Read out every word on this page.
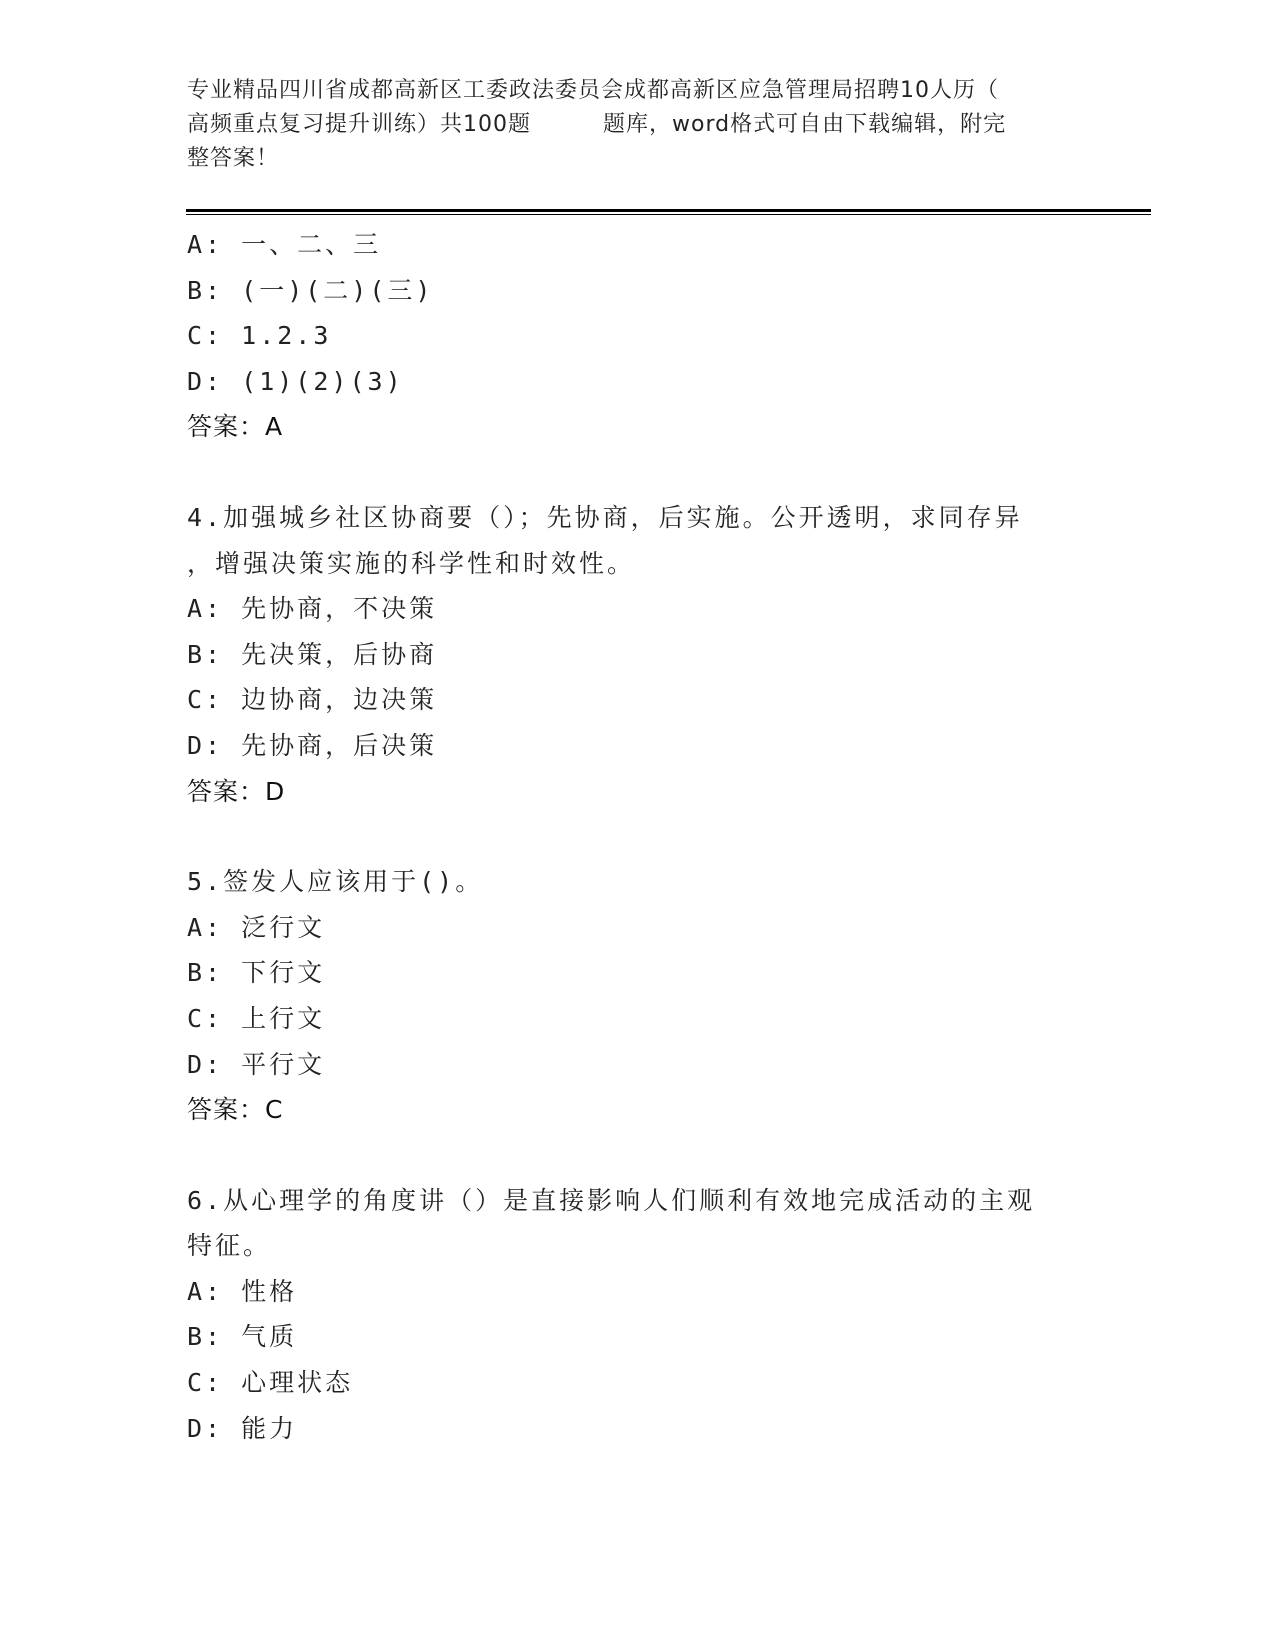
专业精品四川省成都高新区工委政法委员会成都高新区应急管理局招聘10人历（
高频重点复习提升训练）共100题	题库，word格式可自由下载编辑，附完
整答案！
A: 一、二、三
B: (一)(二)(三)
C: 1.2.3
D: (1)(2)(3)
答案：A
4.加强城乡社区协商要（）；先协商，后实施。公开透明，求同存异
，增强决策实施的科学性和时效性。
A: 先协商，不决策
B: 先决策，后协商
C: 边协商，边决策
D: 先协商，后决策
答案：D
5.签发人应该用于()。
A: 泛行文
B: 下行文
C: 上行文
D: 平行文
答案：C
6.从心理学的角度讲（）是直接影响人们顺利有效地完成活动的主观
特征。
A: 性格
B: 气质
C: 心理状态
D: 能力
